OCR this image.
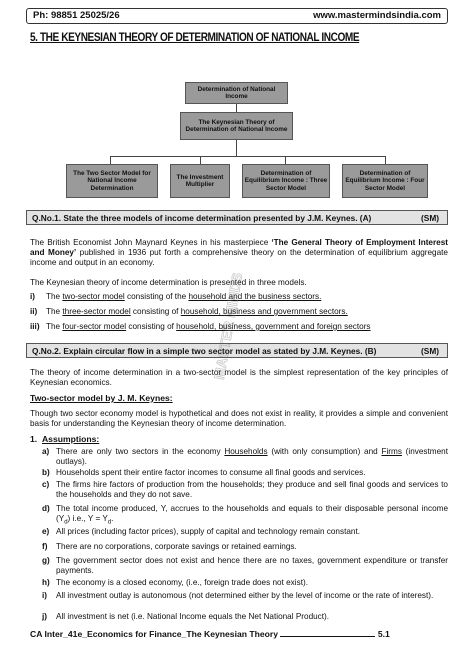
Ph: 98851 25025/26	www.mastermindsindia.com
5. THE KEYNESIAN THEORY OF DETERMINATION OF NATIONAL INCOME
Determination of National Income
The Keynesian Theory of Determination of National Income
The Two Sector Model for National Income Determination
The Investment Multiplier
Determination of Equilibrium Income : Three Sector Model
Determination of Equilibrium Income : Four Sector Model
Q.No.1. State the three models of income determination presented by J.M. Keynes. (A)	(SM)
The British Economist John Maynard Keynes in his masterpiece ‘The General Theory of Employment Interest and Money’ published in 1936 put forth a comprehensive theory on the determination of equilibrium aggregate income and output in an economy.
The Keynesian theory of income determination is presented in three models.
i) The two-sector model consisting of the household and the business sectors.
ii) The three-sector model consisting of household, business and government sectors.
iii) The four-sector model consisting of household, business, government and foreign sectors
Q.No.2. Explain circular flow in a simple two sector model as stated by J.M. Keynes. (B)	(SM)
The theory of income determination in a two-sector model is the simplest representation of the key principles of Keynesian economics.
Two-sector model by J. M. Keynes:
Though two sector economy model is hypothetical and does not exist in reality, it provides a simple and convenient basis for understanding the Keynesian theory of income determination.
1. Assumptions:
a) There are only two sectors in the economy Households (with only consumption) and Firms (investment outlays).
b) Households spent their entire factor incomes to consume all final goods and services.
c) The firms hire factors of production from the households; they produce and sell final goods and services to the households and they do not save.
d) The total income produced, Y, accrues to the households and equals to their disposable personal income $(Y_d)$ i.e., $Y = Y_d$.
e) All prices (including factor prices), supply of capital and technology remain constant.
f) There are no corporations, corporate savings or retained earnings.
g) The government sector does not exist and hence there are no taxes, government expenditure or transfer payments.
h) The economy is a closed economy, (i.e., foreign trade does not exist).
i) All investment outlay is autonomous (not determined either by the level of income or the rate of interest).
j) All investment is net (i.e. National Income equals the Net National Product).
CA Inter_41e_Economics for Finance_The Keynesian Theory	5.1
MASTER MINDS
